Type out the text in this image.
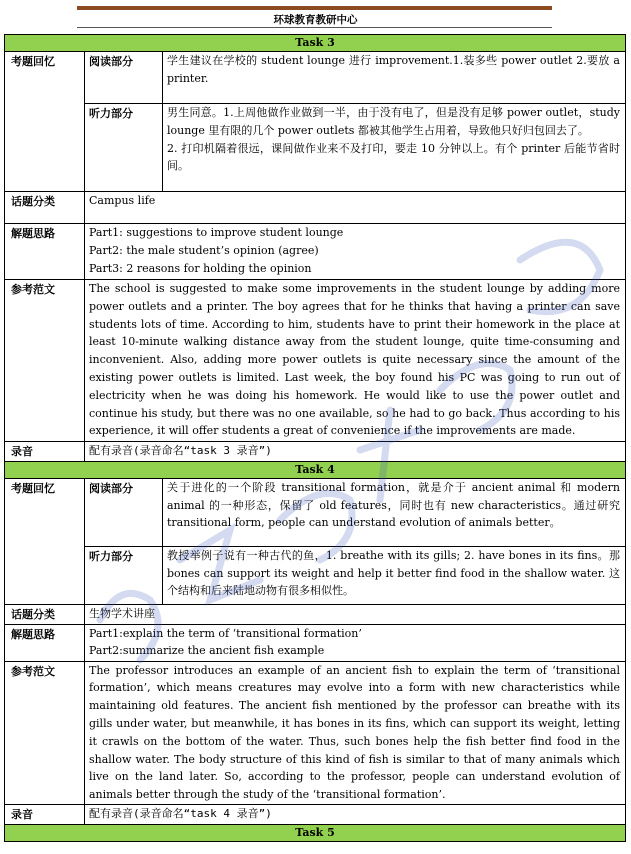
环球教育教研中心
Task 3		
考题回忆	阅读部分	学生建议在学校的 student lounge 进行 improvement.1.装多些 power outlet 2.要放 a printer.

	听力部分	男生同意。1.上周他做作业做到一半，由于没有电了，但是没有足够 power outlet，study lounge 里有限的几个 power outlets 都被其他学生占用着，导致他只好归包回去了。

2. 打印机隔着很远，课间做作业来不及打印，要走 10 分钟以上。有个 printer 后能节省时间。

话题分类	Campus life	
解题思路	Part1: suggestions to improve student lounge

Part2: the male student’s opinion (agree)

Part3: 2 reasons for holding the opinion	

参考范文	The school is suggested to make some improvements in the student lounge by adding more power outlets and a printer. The boy agrees that for he thinks that having a printer can save students lots of time. According to him, students have to print their homework in the place at least 10-minute walking distance away from the student lounge, quite time-consuming and inconvenient. Also, adding more power outlets is quite necessary since the amount of the existing power outlets is limited. Last week, the boy found his PC was going to run out of electricity when he was doing his homework. He would like to use the power outlet and continue his study, but there was no one available, so he had to go back. Thus according to his experience, it will offer students a great of convenience if the improvements are made.	
录音	配有录音(录音命名“task 3 录音”)	
Task 4		
考题回忆	阅读部分	关于进化的一个阶段 transitional formation，就是介于 ancient animal 和 modern animal 的一种形态，保留了 old features，同时也有 new characteristics。通过研究 transitional form, people can understand evolution of animals better。
	听力部分	教授举例子说有一种古代的鱼，1. breathe with its gills; 2. have bones in its fins。那 bones can support its weight and help it better find food in the shallow water. 这个结构和后来陆地动物有很多相似性。
话题分类	生物学术讲座	
解题思路	Part1:explain the term of ‘transitional formation’

Part2:summarize the ancient fish example	

参考范文	The professor introduces an example of an ancient fish to explain the term of ‘transitional formation’, which means creatures may evolve into a form with new characteristics while maintaining old features. The ancient fish mentioned by the professor can breathe with its gills under water, but meanwhile, it has bones in its fins, which can support its weight, letting it crawls on the bottom of the water. Thus, such bones help the fish better find food in the shallow water. The body structure of this kind of fish is similar to that of many animals which live on the land later. So, according to the professor, people can understand evolution of animals better through the study of the ‘transitional formation’.	
录音	配有录音(录音命名“task 4 录音”)	
Task 5		
